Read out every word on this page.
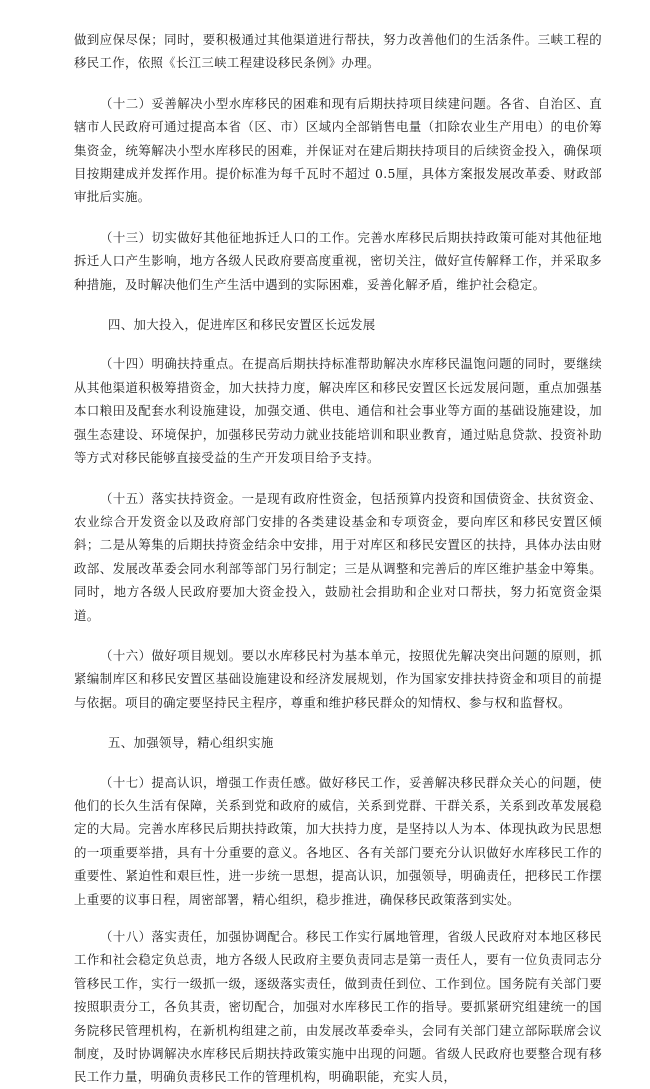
做到应保尽保；同时，要积极通过其他渠道进行帮扶，努力改善他们的生活条件。三峡工程的移民工作，依照《长江三峡工程建设移民条例》办理。

（十二）妥善解决小型水库移民的困难和现有后期扶持项目续建问题。各省、自治区、直辖市人民政府可通过提高本省（区、市）区域内全部销售电量（扣除农业生产用电）的电价筹集资金，统筹解决小型水库移民的困难，并保证对在建后期扶持项目的后续资金投入，确保项目按期建成并发挥作用。提价标准为每千瓦时不超过 0.5厘，具体方案报发展改革委、财政部审批后实施。

（十三）切实做好其他征地拆迁人口的工作。完善水库移民后期扶持政策可能对其他征地拆迁人口产生影响，地方各级人民政府要高度重视，密切关注，做好宣传解释工作，并采取多种措施，及时解决他们生产生活中遇到的实际困难，妥善化解矛盾，维护社会稳定。

四、加大投入，促进库区和移民安置区长远发展

（十四）明确扶持重点。在提高后期扶持标准帮助解决水库移民温饱问题的同时，要继续从其他渠道积极筹措资金，加大扶持力度，解决库区和移民安置区长远发展问题，重点加强基本口粮田及配套水利设施建设，加强交通、供电、通信和社会事业等方面的基础设施建设，加强生态建设、环境保护，加强移民劳动力就业技能培训和职业教育，通过贴息贷款、投资补助等方式对移民能够直接受益的生产开发项目给予支持。

（十五）落实扶持资金。一是现有政府性资金，包括预算内投资和国债资金、扶贫资金、农业综合开发资金以及政府部门安排的各类建设基金和专项资金，要向库区和移民安置区倾斜；二是从筹集的后期扶持资金结余中安排，用于对库区和移民安置区的扶持，具体办法由财政部、发展改革委会同水利部等部门另行制定；三是从调整和完善后的库区维护基金中筹集。同时，地方各级人民政府要加大资金投入，鼓励社会捐助和企业对口帮扶，努力拓宽资金渠道。

（十六）做好项目规划。要以水库移民村为基本单元，按照优先解决突出问题的原则，抓紧编制库区和移民安置区基础设施建设和经济发展规划，作为国家安排扶持资金和项目的前提与依据。项目的确定要坚持民主程序，尊重和维护移民群众的知情权、参与权和监督权。

五、加强领导，精心组织实施

（十七）提高认识，增强工作责任感。做好移民工作，妥善解决移民群众关心的问题，使他们的长久生活有保障，关系到党和政府的威信，关系到党群、干群关系，关系到改革发展稳定的大局。完善水库移民后期扶持政策，加大扶持力度，是坚持以人为本、体现执政为民思想的一项重要举措，具有十分重要的意义。各地区、各有关部门要充分认识做好水库移民工作的重要性、紧迫性和艰巨性，进一步统一思想，提高认识，加强领导，明确责任，把移民工作摆上重要的议事日程，周密部署，精心组织，稳步推进，确保移民政策落到实处。

（十八）落实责任，加强协调配合。移民工作实行属地管理，省级人民政府对本地区移民工作和社会稳定负总责，地方各级人民政府主要负责同志是第一责任人，要有一位负责同志分管移民工作，实行一级抓一级，逐级落实责任，做到责任到位、工作到位。国务院有关部门要按照职责分工，各负其责，密切配合，加强对水库移民工作的指导。要抓紧研究组建统一的国务院移民管理机构，在新机构组建之前，由发展改革委牵头，会同有关部门建立部际联席会议制度，及时协调解决水库移民后期扶持政策实施中出现的问题。省级人民政府也要整合现有移民工作力量，明确负责移民工作的管理机构，明确职能，充实人员，
